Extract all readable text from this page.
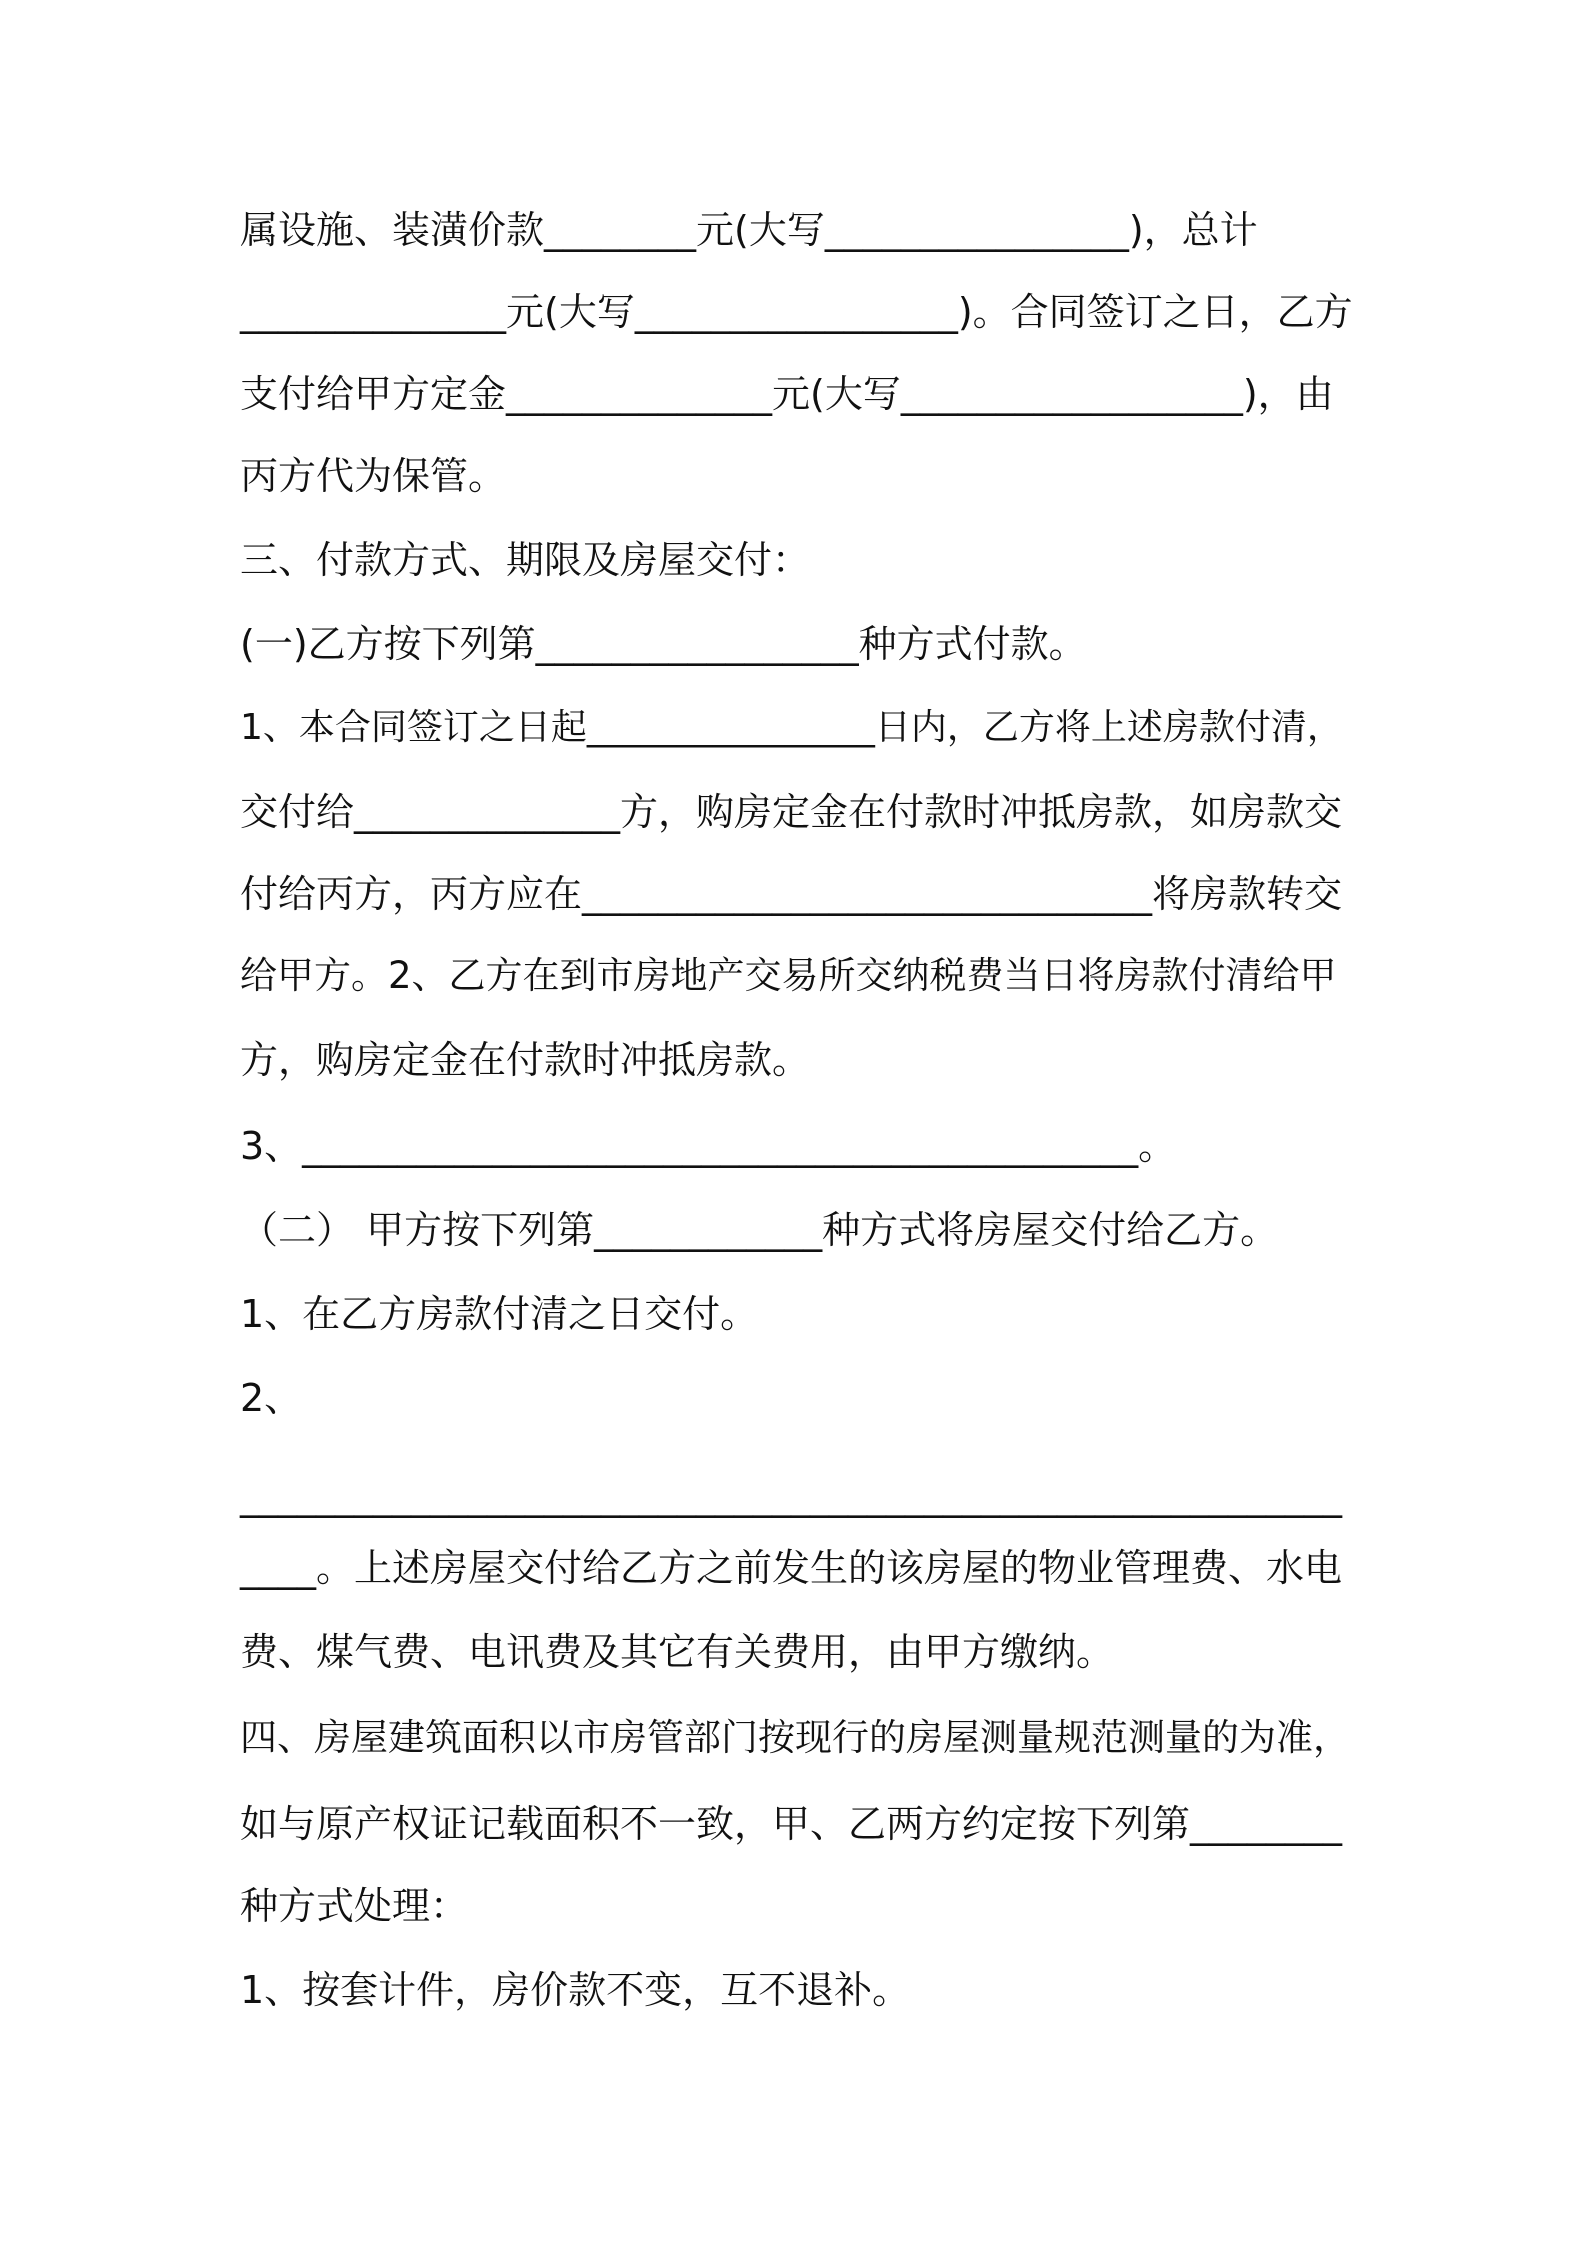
属设施、装潢价款________元(大写________________)，总计
______________元(大写_________________)。合同签订之日，乙方
支付给甲方定金______________元(大写__________________)，由
丙方代为保管。
三、付款方式、期限及房屋交付：
(一)乙方按下列第_________________种方式付款。
1、本合同签订之日起________________日内，乙方将上述房款付清，
交付给______________方，购房定金在付款时冲抵房款，如房款交
付给丙方，丙方应在______________________________将房款转交
给甲方。2、乙方在到市房地产交易所交纳税费当日将房款付清给甲
方，购房定金在付款时冲抵房款。
3、____________________________________________。
（二） 甲方按下列第____________种方式将房屋交付给乙方。
1、在乙方房款付清之日交付。
2、
__________________________________________________________
____。上述房屋交付给乙方之前发生的该房屋的物业管理费、水电
费、煤气费、电讯费及其它有关费用，由甲方缴纳。
四、房屋建筑面积以市房管部门按现行的房屋测量规范测量的为准，
如与原产权证记载面积不一致，甲、乙两方约定按下列第________
种方式处理：
1、按套计件，房价款不变，互不退补。
